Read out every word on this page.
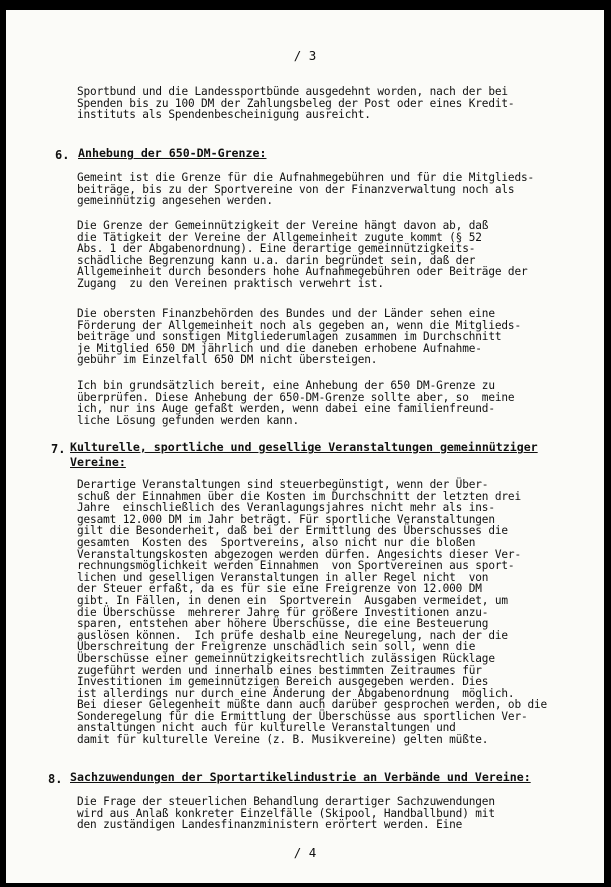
/ 3
Sportbund und die Landessportbünde ausgedehnt worden, nach der bei
Spenden bis zu 100 DM der Zahlungsbeleg der Post oder eines Kredit-
instituts als Spendenbescheinigung ausreicht.
6. Anhebung der 650-DM-Grenze:
Gemeint ist die Grenze für die Aufnahmegebühren und für die Mitglieds-
beiträge, bis zu der Sportvereine von der Finanzverwaltung noch als
gemeinnützig angesehen werden.
Die Grenze der Gemeinnützigkeit der Vereine hängt davon ab, daß
die Tätigkeit der Vereine der Allgemeinheit zugute kommt (§ 52
Abs. 1 der Abgabenordnung). Eine derartige gemeinnützigkeits-
schädliche Begrenzung kann u.a. darin begründet sein, daß der
Allgemeinheit durch besonders hohe Aufnahmegebühren oder Beiträge der
Zugang  zu den Vereinen praktisch verwehrt ist.
Die obersten Finanzbehörden des Bundes und der Länder sehen eine
Förderung der Allgemeinheit noch als gegeben an, wenn die Mitglieds-
beiträge und sonstigen Mitgliederumlagen zusammen im Durchschnitt
je Mitglied 650 DM jährlich und die daneben erhobene Aufnahme-
gebühr im Einzelfall 650 DM nicht übersteigen.
Ich bin grundsätzlich bereit, eine Anhebung der 650 DM-Grenze zu
überprüfen. Diese Anhebung der 650-DM-Grenze sollte aber, so  meine
ich, nur ins Auge gefaßt werden, wenn dabei eine familienfreund-
liche Lösung gefunden werden kann.
7. Kulturelle, sportliche und gesellige Veranstaltungen gemeinnütziger
Vereine:
Derartige Veranstaltungen sind steuerbegünstigt, wenn der Über-
schuß der Einnahmen über die Kosten im Durchschnitt der letzten drei
Jahre  einschließlich des Veranlagungsjahres nicht mehr als ins-
gesamt 12.000 DM im Jahr beträgt. Für sportliche Veranstaltungen
gilt die Besonderheit, daß bei der Ermittlung des Überschusses die
gesamten  Kosten des  Sportvereins, also nicht nur die bloßen
Veranstaltungskosten abgezogen werden dürfen. Angesichts dieser Ver-
rechnungsmöglichkeit werden Einnahmen  von Sportvereinen aus sport-
lichen und geselligen Veranstaltungen in aller Regel nicht  von
der Steuer erfaßt, da es für sie eine Freigrenze von 12.000 DM
gibt. In Fällen, in denen ein  Sportverein  Ausgaben vermeidet, um
die Überschüsse  mehrerer Jahre für größere Investitionen anzu-
sparen, entstehen aber höhere Überschüsse, die eine Besteuerung
auslösen können.  Ich prüfe deshalb eine Neuregelung, nach der die
Überschreitung der Freigrenze unschädlich sein soll, wenn die
Überschüsse einer gemeinnützigkeitsrechtlich zulässigen Rücklage
zugeführt werden und innerhalb eines bestimmten Zeitraumes für
Investitionen im gemeinnützigen Bereich ausgegeben werden. Dies
ist allerdings nur durch eine Änderung der Abgabenordnung  möglich.
Bei dieser Gelegenheit müßte dann auch darüber gesprochen werden, ob die
Sonderegelung für die Ermittlung der Überschüsse aus sportlichen Ver-
anstaltungen nicht auch für kulturelle Veranstaltungen und
damit für kulturelle Vereine (z. B. Musikvereine) gelten müßte.
8. Sachzuwendungen der Sportartikelindustrie an Verbände und Vereine:
Die Frage der steuerlichen Behandlung derartiger Sachzuwendungen
wird aus Anlaß konkreter Einzelfälle (Skipool, Handballbund) mit
den zuständigen Landesfinanzministern erörtert werden. Eine
/ 4
